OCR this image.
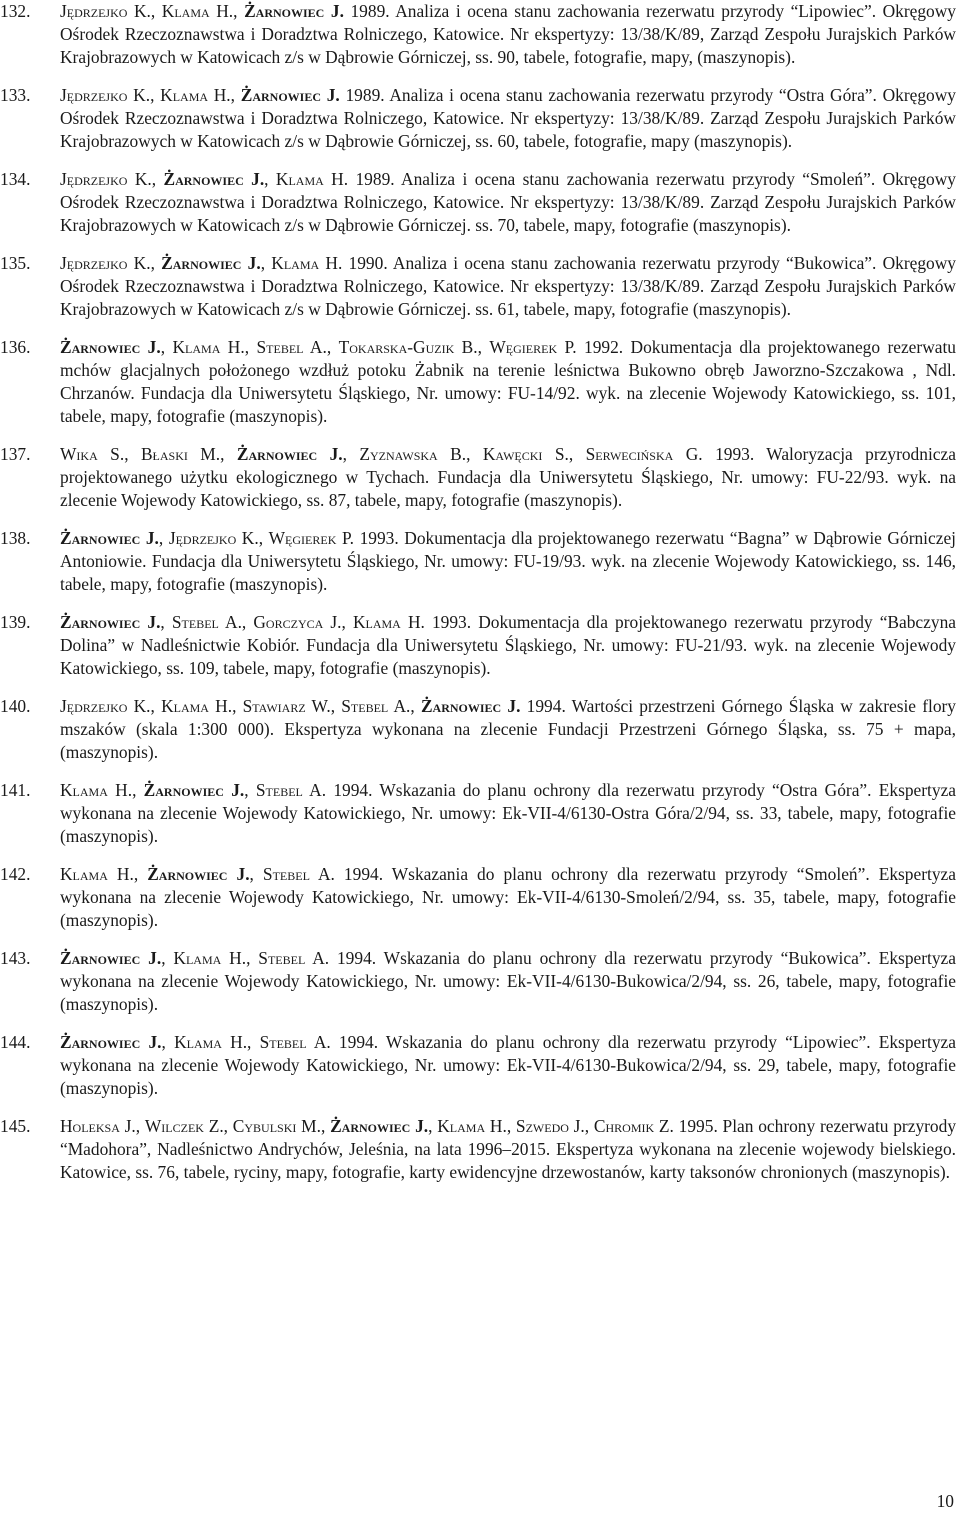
132. Jędrzejko K., Klama H., Żarnowiec J. 1989. Analiza i ocena stanu zachowania rezerwatu przyrody “Lipowiec”. Okręgowy Ośrodek Rzeczoznawstwa i Doradztwa Rolniczego, Katowice. Nr ekspertyzy: 13/38/K/89, Zarząd Zespołu Jurajskich Parków Krajobrazowych w Katowicach z/s w Dąbrowie Górniczej, ss. 90, tabele, fotografie, mapy, (maszynopis).
133. Jędrzejko K., Klama H., Żarnowiec J. 1989. Analiza i ocena stanu zachowania rezerwatu przyrody “Ostra Góra”. Okręgowy Ośrodek Rzeczoznawstwa i Doradztwa Rolniczego, Katowice. Nr ekspertyzy: 13/38/K/89. Zarząd Zespołu Jurajskich Parków Krajobrazowych w Katowicach z/s w Dąbrowie Górniczej, ss. 60, tabele, fotografie, mapy (maszynopis).
134. Jędrzejko K., Żarnowiec J., Klama H. 1989. Analiza i ocena stanu zachowania rezerwatu przyrody “Smoleń”. Okręgowy Ośrodek Rzeczoznawstwa i Doradztwa Rolniczego, Katowice. Nr ekspertyzy: 13/38/K/89. Zarząd Zespołu Jurajskich Parków Krajobrazowych w Katowicach z/s w Dąbrowie Górniczej. ss. 70, tabele, mapy, fotografie (maszynopis).
135. Jędrzejko K., Żarnowiec J., Klama H. 1990. Analiza i ocena stanu zachowania rezerwatu przyrody “Bukowica”. Okręgowy Ośrodek Rzeczoznawstwa i Doradztwa Rolniczego, Katowice. Nr ekspertyzy: 13/38/K/89. Zarząd Zespołu Jurajskich Parków Krajobrazowych w Katowicach z/s w Dąbrowie Górniczej. ss. 61, tabele, mapy, fotografie (maszynopis).
136. Żarnowiec J., Klama H., Stebel A., Tokarska-Guzik B., Węgierek P. 1992. Dokumentacja dla projektowanego rezerwatu mchów glacjalnych położonego wzdłuż potoku Żabnik na terenie leśnictwa Bukowno obręb Jaworzno-Szczakowa , Ndl. Chrzanów. Fundacja dla Uniwersytetu Śląskiego, Nr. umowy: FU-14/92. wyk. na zlecenie Wojewody Katowickiego, ss. 101, tabele, mapy, fotografie (maszynopis).
137. Wika S., Błaski M., Żarnowiec J., Zyznawska B., Kawęcki S., Serwecińska G. 1993. Waloryzacja przyrodnicza projektowanego użytku ekologicznego w Tychach. Fundacja dla Uniwersytetu Śląskiego, Nr. umowy: FU-22/93. wyk. na zlecenie Wojewody Katowickiego, ss. 87, tabele, mapy, fotografie (maszynopis).
138. Żarnowiec J., Jędrzejko K., Węgierek P. 1993. Dokumentacja dla projektowanego rezerwatu “Bagna” w Dąbrowie Górniczej Antoniowie. Fundacja dla Uniwersytetu Śląskiego, Nr. umowy: FU-19/93. wyk. na zlecenie Wojewody Katowickiego, ss. 146, tabele, mapy, fotografie (maszynopis).
139. Żarnowiec J., Stebel A., Gorczyca J., Klama H. 1993. Dokumentacja dla projektowanego rezerwatu przyrody “Babczyna Dolina” w Nadleśnictwie Kobiór. Fundacja dla Uniwersytetu Śląskiego, Nr. umowy: FU-21/93. wyk. na zlecenie Wojewody Katowickiego, ss. 109, tabele, mapy, fotografie (maszynopis).
140. Jędrzejko K., Klama H., Stawiarz W., Stebel A., Żarnowiec J. 1994. Wartości przestrzeni Górnego Śląska w zakresie flory mszaków (skala 1:300 000). Ekspertyza wykonana na zlecenie Fundacji Przestrzeni Górnego Śląska, ss. 75 + mapa, (maszynopis).
141. Klama H., Żarnowiec J., Stebel A. 1994. Wskazania do planu ochrony dla rezerwatu przyrody “Ostra Góra”. Ekspertyza wykonana na zlecenie Wojewody Katowickiego, Nr. umowy: Ek-VII-4/6130-Ostra Góra/2/94, ss. 33, tabele, mapy, fotografie (maszynopis).
142. Klama H., Żarnowiec J., Stebel A. 1994. Wskazania do planu ochrony dla rezerwatu przyrody “Smoleń”. Ekspertyza wykonana na zlecenie Wojewody Katowickiego, Nr. umowy: Ek-VII-4/6130-Smoleń/2/94, ss. 35, tabele, mapy, fotografie (maszynopis).
143. Żarnowiec J., Klama H., Stebel A. 1994. Wskazania do planu ochrony dla rezerwatu przyrody “Bukowica”. Ekspertyza wykonana na zlecenie Wojewody Katowickiego, Nr. umowy: Ek-VII-4/6130-Bukowica/2/94, ss. 26, tabele, mapy, fotografie (maszynopis).
144. Żarnowiec J., Klama H., Stebel A. 1994. Wskazania do planu ochrony dla rezerwatu przyrody “Lipowiec”. Ekspertyza wykonana na zlecenie Wojewody Katowickiego, Nr. umowy: Ek-VII-4/6130-Bukowica/2/94, ss. 29, tabele, mapy, fotografie (maszynopis).
145. Holeksa J., Wilczek Z., Cybulski M., Żarnowiec J., Klama H., Szwedo J., Chromik Z. 1995. Plan ochrony rezerwatu przyrody “Madohora”, Nadleśnictwo Andrychów, Jeleśnia, na lata 1996–2015. Ekspertyza wykonana na zlecenie wojewody bielskiego. Katowice, ss. 76, tabele, ryciny, mapy, fotografie, karty ewidencyjne drzewostanów, karty taksonów chronionych (maszynopis).
10
